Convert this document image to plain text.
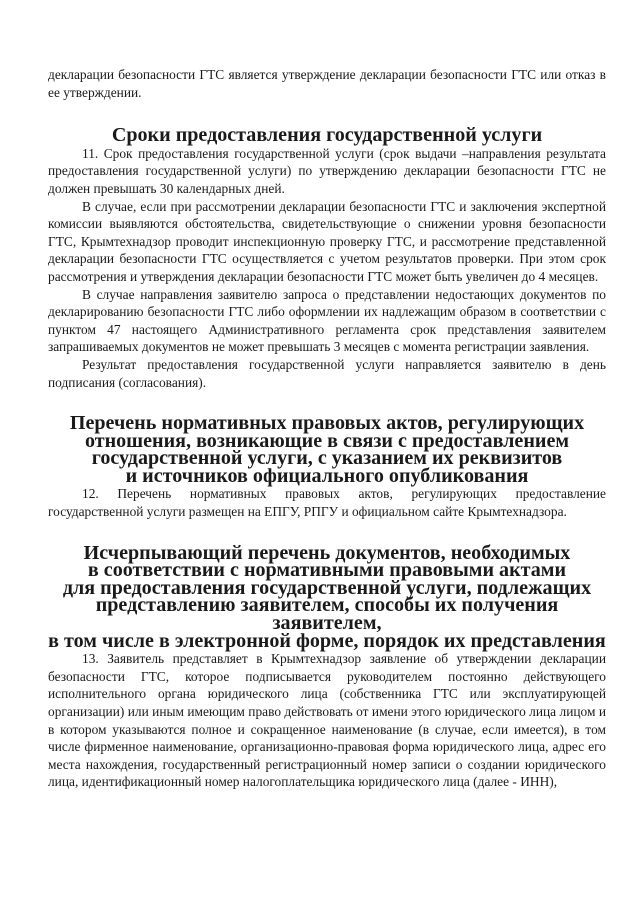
декларации безопасности ГТС является утверждение декларации безопасности ГТС или отказ в ее утверждении.

Сроки предоставления государственной услуги

11. Срок предоставления государственной услуги (срок выдачи –направления результата предоставления государственной услуги) по утверждению декларации безопасности ГТС не должен превышать 30 календарных дней.

В случае, если при рассмотрении декларации безопасности ГТС и заключения экспертной комиссии выявляются обстоятельства, свидетельствующие о снижении уровня безопасности ГТС, Крымтехнадзор проводит инспекционную проверку ГТС, и рассмотрение представленной декларации безопасности ГТС осуществляется с учетом результатов проверки. При этом срок рассмотрения и утверждения декларации безопасности ГТС может быть увеличен до 4 месяцев.

В случае направления заявителю запроса о представлении недостающих документов по декларированию безопасности ГТС либо оформлении их надлежащим образом в соответствии с пунктом 47 настоящего Административного регламента срок представления заявителем запрашиваемых документов не может превышать 3 месяцев с момента регистрации заявления.

Результат предоставления государственной услуги направляется заявителю в день подписания (согласования).

Перечень нормативных правовых актов, регулирующих
отношения, возникающие в связи с предоставлением
государственной услуги, с указанием их реквизитов
и источников официального опубликования

12. Перечень нормативных правовых актов, регулирующих предоставление государственной услуги размещен на ЕПГУ, РПГУ и официальном сайте Крымтехнадзора.

Исчерпывающий перечень документов, необходимых
в соответствии с нормативными правовыми актами
для предоставления государственной услуги, подлежащих
представлению заявителем, способы их получения заявителем,
в том числе в электронной форме, порядок их представления

13. Заявитель представляет в Крымтехнадзор заявление об утверждении декларации безопасности ГТС, которое подписывается руководителем постоянно действующего исполнительного органа юридического лица (собственника ГТС или эксплуатирующей организации) или иным имеющим право действовать от имени этого юридического лица лицом и в котором указываются полное и сокращенное наименование (в случае, если имеется), в том числе фирменное наименование, организационно-правовая форма юридического лица, адрес его места нахождения, государственный регистрационный номер записи о создании юридического лица, идентификационный номер налогоплательщика юридического лица (далее - ИНН),
